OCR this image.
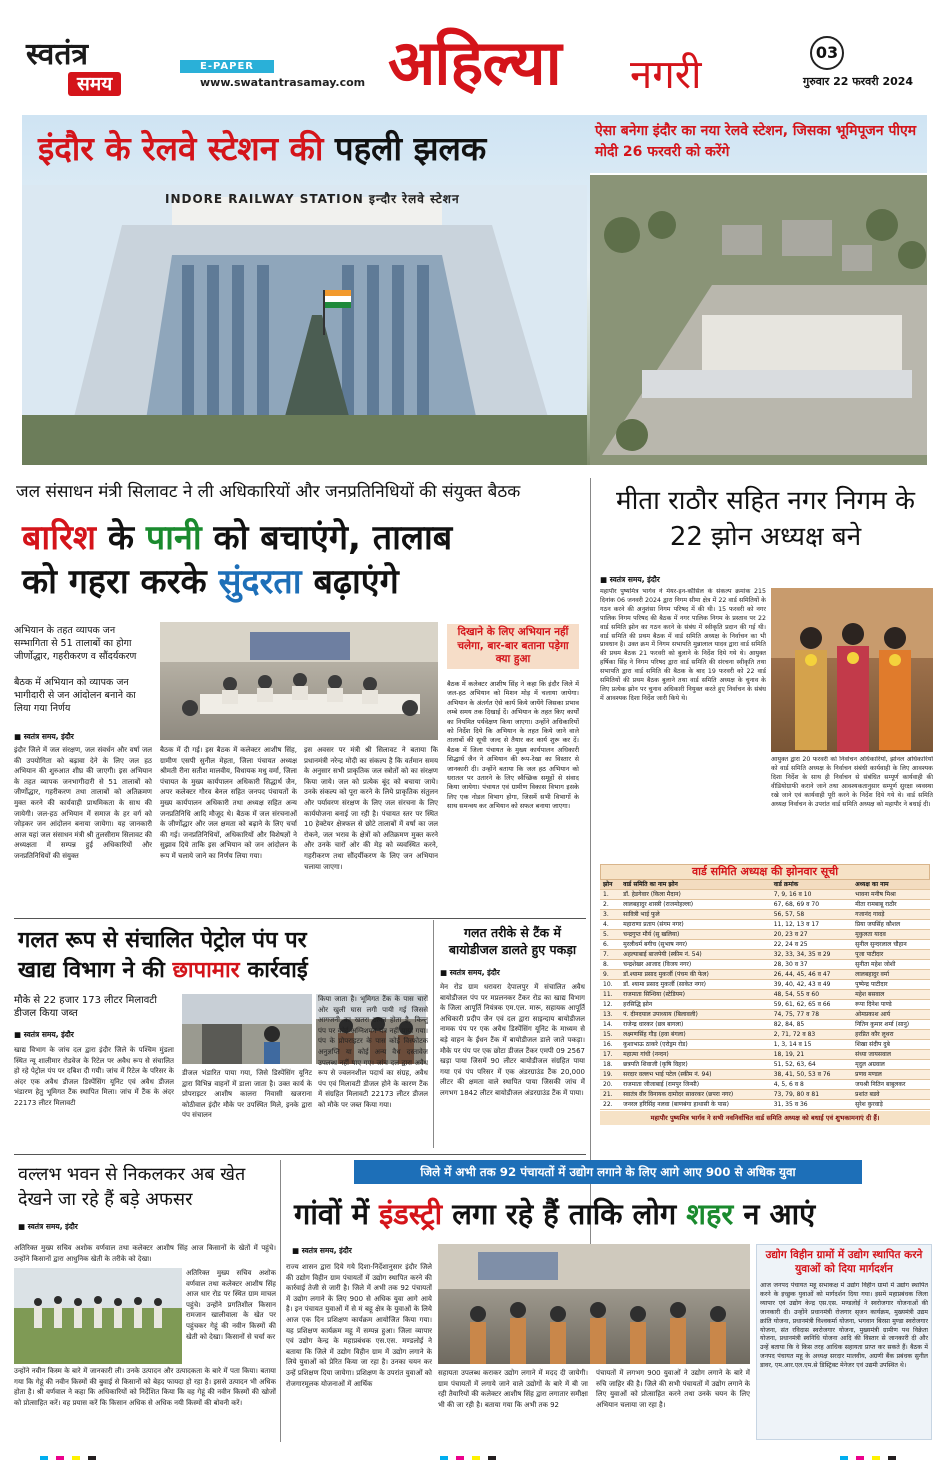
स्वतंत्र
समय
E-PAPER
www.swatantrasamay.com अहिल्या नगरी	03
गुरुवार 22 फरवरी 2024
इंदौर के रेलवे स्टेशन की पहली झलक	ऐसा बनेगा इंदौर का नया रेलवे स्टेशन, जिसका भूमिपूजन पीएम मोदी 26 फरवरी को करेंगे
INDORE RAILWAY STATION इन्दौर रेलवे स्टेशन
जल संसाधन मंत्री सिलावट ने ली अधिकारियों और जनप्रतिनिधियों की संयुक्त बैठक
बारिश के पानी को बचाएंगे, तालाब
को गहरा करके सुंदरता बढ़ाएंगे
अभियान के तहत व्यापक जन सम्भागिता से 51 तालाबों का होगा जीर्णोद्धार, गहरीकरण व सौंदर्यकरण
बैठक में अभियान को व्यापक जन भागीदारी से जन आंदोलन बनाने का लिया गया निर्णय
■ स्वतंत्र समय, इंदौर
इंदौर जिले में जल संरक्षण, जल संवर्धन और वर्षा जल की उपयोगिता को बढ़ावा देने के लिए जल हठ अभियान की शुरुआत शीघ्र की जाएगी। इस अभियान के तहत व्यापक जनभागीदारी से 51 तालाबों को जीर्णोद्धार, गहरीकरण तथा तालाबों को अतिक्रमण मुक्त करने की कार्यवाही प्राथमिकता के साथ की जायेगी। जल-हठ अभियान में समाज के हर वर्ग को जोड़कर जन आंदोलन बनाया जायेगा। यह जानकारी आज यहां जल संसाधन मंत्री श्री तुलसीराम सिलावट की अध्यक्षता में सम्पन्न हुई अधिकारियों और जनप्रतिनिधियों की संयुक्त
बैठक में दी गई। इस बैठक में कलेक्टर आशीष सिंह, ग्रामीण एसपी सुनील मेहता, जिला पंचायत अध्यक्ष श्रीमती रीना सतीश मालवीय, विधायक मधु वर्मा, जिला पंचायत के मुख्य कार्यपालन अधिकारी सिद्धार्थ जैन, अपर कलेक्टर गौरव बेनल सहित जनपद पंचायतों के मुख्य कार्यपालन अधिकारी तथा अध्यक्ष सहित अन्य जनप्रतिनिधि आदि मौजूद थे। बैठक में जल संरचनाओं के जीर्णोद्धार और जल क्षमता को बढ़ाने के लिए चर्चा की गई। जनप्रतिनिधियों, अधिकारियों और विशेषज्ञों ने सुझाव दिये ताकि इस अभियान को जन आंदोलन के रूप में चलाये जाने का निर्णय लिया गया।
इस अवसर पर मंत्री श्री सिलावट ने बताया कि प्रधानमंत्री नरेन्द्र मोदी का संकल्प है कि वर्तमान समय के अनुसार सभी प्राकृतिक जल स्त्रोतों को का संरक्षण किया जाये। जल को प्रत्येक बूंद को बचाया जाये। उनके संकल्प को पूरा करने के लिये प्राकृतिक संतुलन और पर्यावरण संरक्षण के लिए जल संरचना के लिए कार्ययोजना बनाई जा रही है। पंचायत स्तर पर स्थित 10 हेक्टेयर क्षेत्रफल से छोटे तालाबों में वर्षा का जल रोकने, जल भराव के क्षेत्रों को अतिक्रमण मुक्त करने और उनके चारों ओर की मेड़ को व्यवस्थित करने, गहरीकरण तथा सौंदर्यीकरण के लिए जन अभियान चलाया जाएगा।
दिखाने के लिए अभियान नहीं चलेगा, बार-बार बताना पड़ेगा क्या हुआ
बैठक में कलेक्टर आशीष सिंह ने कहा कि इंदौर जिले में जल-हठ अभियान को मिशन मोड़ में चलाया जायेगा। अभियान के अंतर्गत ऐसे कार्य किये जायेंगे जिसका प्रभाव लम्बे समय तक दिखाई दें। अभियान के तहत किए कार्यों का नियमित पर्यवेक्षण किया जाएगा। उन्होंने अधिकारियों को निर्देश दिये कि अभियान के तहत किये जाने वाले तालाबों की सूची जल्द से तैयार कर कार्य शुरू कर दें। बैठक में जिला पंचायत के मुख्य कार्यपालन अधिकारी सिद्धार्थ जैन ने अभियान की रूप-रेखा का विस्तार से जानकारी दी। उन्होंने बताया कि जल हठ अभियान को धरातल पर उतारने के लिए स्वैच्छिक समूहों से संवाद किया जायेगा। पंचायत एवं ग्रामीण विकास विभाग इसके लिए एक नोडल विभाग होगा, जिसमें सभी विभागों के साथ समन्वय कर अभियान को सफल बनाया जाएगा।
मीता राठौर सहित नगर निगम के 22 झोन अध्यक्ष बने
■ स्वतंत्र समय, इंदौर
महापौर पुष्यमित्र भार्गव ने मेयर-इन-कौंसिल के संकल्प क्रमांक 215 दिनांक 06 जनवरी 2024 द्वारा निगम सीमा क्षेत्र में 22 वार्ड समितियों के गठन करने की अनुशंसा निगम परिषद में की थी। 15 फरवरी को नगर पालिक निगम परिषद की बैठक में नगर पालिक निगम के प्रस्ताव पर 22 वार्ड समिति झोन का गठन करने के संबंध में स्वीकृति प्रदान की गई थी। वार्ड समिति की प्रथम बैठक में वार्ड समिति अध्यक्ष के निर्वाचन का भी प्रावधान है। उक्त क्रम में निगम सभापति मुन्नालाल यादव द्वारा वार्ड समिति की प्रथम बैठक 21 फरवरी को बुलाने के निर्देश दिये गये थे। आयुक्त हर्षिका सिंह ने निगम परिषद द्वारा वार्ड समिति की संरचना स्वीकृति तथा सभापति द्वारा वार्ड समिति की बैठक के बाद 19 फरवरी को 22 वार्ड समितियों की प्रथम बैठक बुलाने तथा वार्ड समिति अध्यक्ष के चुनाव के लिए प्रत्येक झोन पर चुनाव अधिकारी नियुक्त करते हुए निर्वाचन के संबंध में आवश्यक दिशा निर्देश जारी किये थे।
आयुक्त द्वारा 20 फरवरी को निर्वाचन अधिकारियों, झोनल अधिकारियों को वार्ड समिति अध्यक्ष के निर्वाचन संबंधी कार्यवाही के लिए आवश्यक दिशा निर्देश के साथ ही निर्वाचन से संबंधित सम्पूर्ण कार्यवाही की वीडियोग्राफी कराने जाने तथा आवश्यकतानुसार सम्पूर्ण सुरक्षा व्यवस्था रखे जाने एवं कार्यवाही पूरी करने के निर्देश दिये गये थे। वार्ड समिति अध्यक्ष निर्वाचन के उपरांत वार्ड समिति अध्यक्ष को महापौर ने बधाई दी।
वार्ड समिति अध्यक्ष की झोनवार सूची
झोन	वार्ड समिति का नाम झोन	वार्ड क्रमांक	अध्यक्ष का नाम
1.	डॉ. हेडगेवार (किला मैदान)	7, 9, 16 व 10	भावना मनीष मिश्रा
2.	लालबहादुर शास्त्री (राजमोहल्ला)	67, 68, 69 व 70	मीता रामबाबू राठौर
3.	सावित्री भाई फुले	56, 57, 58	गजानंद गावड़े
4.	महाराणा प्रताप (संगम नगर)	11, 12, 13 व 17	प्रिया जयसिंह कौशल
5.	चन्द्रगुप्त मौर्य (सु खलिया)	20, 23 व 27	मुकुलता यादव
6.	मुरलीधर्म बगीच (सुभाष नगर)	22, 24 व 25	सुनील सुन्दरलाल चौहान
7.	अहल्याबाई बाजपेयी (स्कीम नं. 54)	32, 33, 34, 35 व 29	पूजा पाटीदार
8.	चन्द्रशेखर आजाद (विजय नगर)	28, 30 व 37	सुनीता महेश जोशी
9.	डॉ.श्यामा प्रसाद मुकर्जी (पंचम की फेल)	26, 44, 45, 46 व 47	लालबहादुर वर्मा
10.	डॉ. श्यामा प्रसाद मुकर्जी (साकेत नगर)	39, 40, 42, 43 व 49	पुष्पेन्द्र पाटीदार
11.	राजमाता सिन्धिया (स्टेडियम)	48, 54, 55 व 60	महेश बसवाल
12.	हरसिद्धि झोन	59, 61, 62, 65 व 66	रूपा दिनेश पाण्डे
13.	पं. दीनदयाल उपाध्याय (बिलावली)	74, 75, 77 व 78	ओमप्रकाश आर्य
14.	राजेन्द्र धारकर (छत्र बागला)	82, 84, 85	नितिन कुमार शर्मा (सानु)
15.	लक्ष्मणसिंह गौड़ (हवा बंगला)	2, 71, 72 व 83	हरप्रित कौर लूथरा
16.	कुशाभाऊ ठाकरे (एरोड्रम रोड)	1, 3, 14 व 15	शिखा संदीप दुबे
17.	महात्मा गांधी (नन्दन)	18, 19, 21	संध्या जायसवाल
18.	छत्रपति शिवाजी (कृषि विहार)	51, 52, 63, 64	मृदुल अग्रवाल
19.	सरदार वल्लभ भाई पटेल (स्कीम नं. 94)	38, 41, 50, 53 व 76	प्रणव मण्डल
20.	राजमाता जीजाबाई (रामपुर जिन्सी)	4, 5, 6 व 8	जयश्री नितिन बाबुलकर
21.	स्वातंत्र वीर विनायक दामोदर सावरकर (छपरा नगर)	73, 79, 80 व 81	प्रशांत बडवे
22.	जनरल हरिसिंह नलवा (बाणबंगा हाथासी के पास)	31, 35 व 36	सुरेश कुरवाड़े
महापौर पुष्यमित्र भार्गव ने सभी नवनिर्वाचित वार्ड समिति अध्यक्ष को बधाई एवं शुभकामनाएं दी हैं।
गलत रूप से संचालित पेट्रोल पंप पर
खाद्य विभाग ने की छापामार कार्रवाई
मौके से 22 हजार 173 लीटर मिलावटी डीजल किया जब्त
■ स्वतंत्र समय, इंदौर
खाद्य विभाग के जांच दल द्वारा इंदौर जिले के पश्चिम मुंडला स्थित न्यू शालीमार रोडवेज के रिटेल पर अवैध रूप से संचालित हो रहे पेट्रोल पंप पर दबिश दी गयी। जांच में रिटेल के परिसर के अंदर एक अवैध डीजल डिस्पेंसिंग यूनिट एवं अवैध डीजल भंडारण हेतु भूमिगत टैंक स्थापित मिला। जांच में टैंक के अंदर 22173 लीटर मिलावटी
डीजल भंडारित पाया गया, जिसे डिस्पेंसिंग यूनिट द्वारा विभिन्न वाहनों में डाला जाता है। उक्त कार्य के प्रोपराइटर आशीष कालरा निवासी खजराना कोठीवाल इंदौर मौके पर उपस्थित मिले, इनके द्वारा पंप संचालन
किया जाता है। भूमिगत टैंक के पास चारों ओर खुली घास लगी पायी गई जिससे आगजनी का खतरा उत्पन्न होता है, किन्तु पंप पर कोई अग्निशमन यंत्र नहीं पाया गया। पंप के प्रोपराइटर के पास कोई विस्फोटक अनुज्ञप्ति या कोई अन्य वैध दस्तावेज उपलब्ध नहीं पाए गए। जांच दल द्वारा अवैध रूप से ज्वलनशील पदार्थ का संग्रह, अवैध पंप एवं मिलावटी डीजल होने के कारण टैंक में संग्रहित मिलावटी 22173 लीटर डीजल को मौके पर जब्त किया गया।
गलत तरीके से टैंक में बायोडीजल डालते हुए पकड़ा
■ स्वतंत्र समय, इंदौर
मेन रोड ग्राम धरावरा देपालपुर में संचालित अवैध बायोडीजल पंप पर मप्रलनकर टैंकर रोड का खाद्य विभाग के जिला आपूर्ति नियंत्रक एम.एल. मारू, सहायक आपूर्ति अधिकारी प्रदीप जैन एवं दल द्वारा साइन्दाय बायोडीजल नामक पंप पर एक अवैध डिस्पेंसिंग यूनिट के माध्यम से बड़े वाहन के ईंधन टैंक में बायोडीजल डाले जाते पकड़ा। मौके पर पंप पर एक छोटा डीजल टैंकर एमपी 09 2567 खड़ा पाया जिसमें 90 लीटर बायोडीजल संग्रहित पाया गया एवं पंप परिसर में एक अंडरग्राउंड टैंक 20,000 लीटर की क्षमता वाले स्थापित पाया जिसकी जांच में लगभग 1842 लीटर बायोडीजल अंडरग्राउंड टैंक में पाया।
वल्लभ भवन से निकलकर अब खेत देखने जा रहे हैं बड़े अफसर
■ स्वतंत्र समय, इंदौर
अतिरिक्त मुख्य सचिव अशोक वर्णवाल तथा कलेक्टर आशीष सिंह आज किसानों के खेतों में पहुंचे। उन्होंने किसानों द्वारा आधुनिक खेती के तरीके को देखा।
अतिरिक्त मुख्य सचिव अशोक वर्णवाल तथा कलेक्टर आशीष सिंह आज धार रोड पर स्थित ग्राम माचल पहुंचे। उन्होंने प्रगतिशील किसान रामजान खालीवाला के खेत पर पहुंचकर गेहूं की नवीन किस्मों की खेती को देखा। किसानों से चर्चा कर
उन्होंने नवीन किस्म के बारे में जानकारी ली। उनके उत्पादन और उत्पादकता के बारे में पता किया। बताया गया कि गेहूं की नवीन किस्मों की बुवाई से किसानों को बेहद फायदा हो रहा है। इससे उत्पादन भी अधिक होता है। श्री वर्णवाल ने कहा कि अधिकारियों को निर्देशित किया कि वह गेहूं की नवीन किस्मों की खोजों को प्रोत्साहित करें। वह प्रयास करें कि किसान अधिक से अधिक नयी किस्मों की बोवनी करें।
जिले में अभी तक 92 पंचायतों में उद्योग लगाने के लिए आगे आए 900 से अधिक युवा
गांवों में इंडस्ट्री लगा रहे हैं ताकि लोग शहर न आएं
■ स्वतंत्र समय, इंदौर
राज्य शासन द्वारा दिये गये दिशा-निर्देशानुसार इंदौर जिले की उद्योग विहीन ग्राम पंचायतों में उद्योग स्थापित करने की कार्रवाई तेजी से जारी है। जिले में अभी तक 92 पंचायतों में उद्योग लगाने के लिए 900 से अधिक युवा आगे आये है। इन पंचायत युवाओं में से मं बहू क्षेत्र के युवाओं के लिये आज एक दिन प्रशिक्षण कार्यक्रम आयोजित किया गया। यह प्रशिक्षण कार्यक्रम महू में सम्पन्न हुआ। जिला व्यापार एवं उद्योग केन्द्र के महाप्रबंधक एस.एस. मण्डलोई ने बताया कि जिले में उद्योग विहीन ग्राम में उद्योग लगाने के लिये युवाओं को प्रेरित किया जा रहा है। उनका चयन कर उन्हें प्रशिक्षण दिया जायेगा। प्रशिक्षण के उपरांत युवाओं को रोजगारमूलक योजनाओं में आर्थिक
सहायता उपलब्ध कराकर उद्योग लगाने में मदद दी जायेगी। ग्राम पंचायतों में लगाये जाने वाले उद्योगों के बारे में बी जा रही तैयारियों की कलेक्टर आशीष सिंह द्वारा लगातार समीक्षा भी की जा रही है। बताया गया कि अभी तक 92
पंचायतों में लगभग 900 युवाओं ने उद्योग लगाने के बारे में रुचि जाहिर की है। जिले की सभी पंचायतों में उद्योग लगाने के लिए युवाओं को प्रोत्साहित करने तथा उनके चयन के लिए अभियान चलाया जा रहा है।
उद्योग विहीन ग्रामों में उद्योग स्थापित करने युवाओं को दिया मार्गदर्शन
आज जनपद पंचायत महू सभाकक्ष में उद्योग विहीन ग्रामों में उद्योग स्थापित करने के इच्छुक युवाओं को मार्गदर्शन दिया गया। इसमें महाप्रबंधक जिला व्यापार एवं उद्योग केन्द्र एस.एस. मण्डलोई ने स्वरोजगार योजनाओं की जानकारी दी। उन्होंने प्रधानमंत्री रोजगार सृजन कार्यक्रम, मुख्यमंत्री उद्यम क्रांति योजना, प्रधानमंत्री विश्वकर्मा योजना, भगवान बिरसा मुण्डा स्वरोजगार योजना, संत रविदास स्वरोजगार योजना, मुख्यमंत्री ग्रामीण पथ विक्रेता योजना, प्रधानमंत्री स्वनिधि योजना आदि की विस्तार से जानकारी दी और उन्हें बताया कि वे किस तरह आधिक सहायता प्राप्त कर सकते हैं। बैठक में जनपद पंचायत महू के अध्यक्ष सरदार मालवीय, अग्रणी बैंक प्रबंधक सुनील डावर, एम.आर.एल.एम.से डिस्ट्रिक्ट मेनेजर एवं उद्यमी उपस्थित थे।
